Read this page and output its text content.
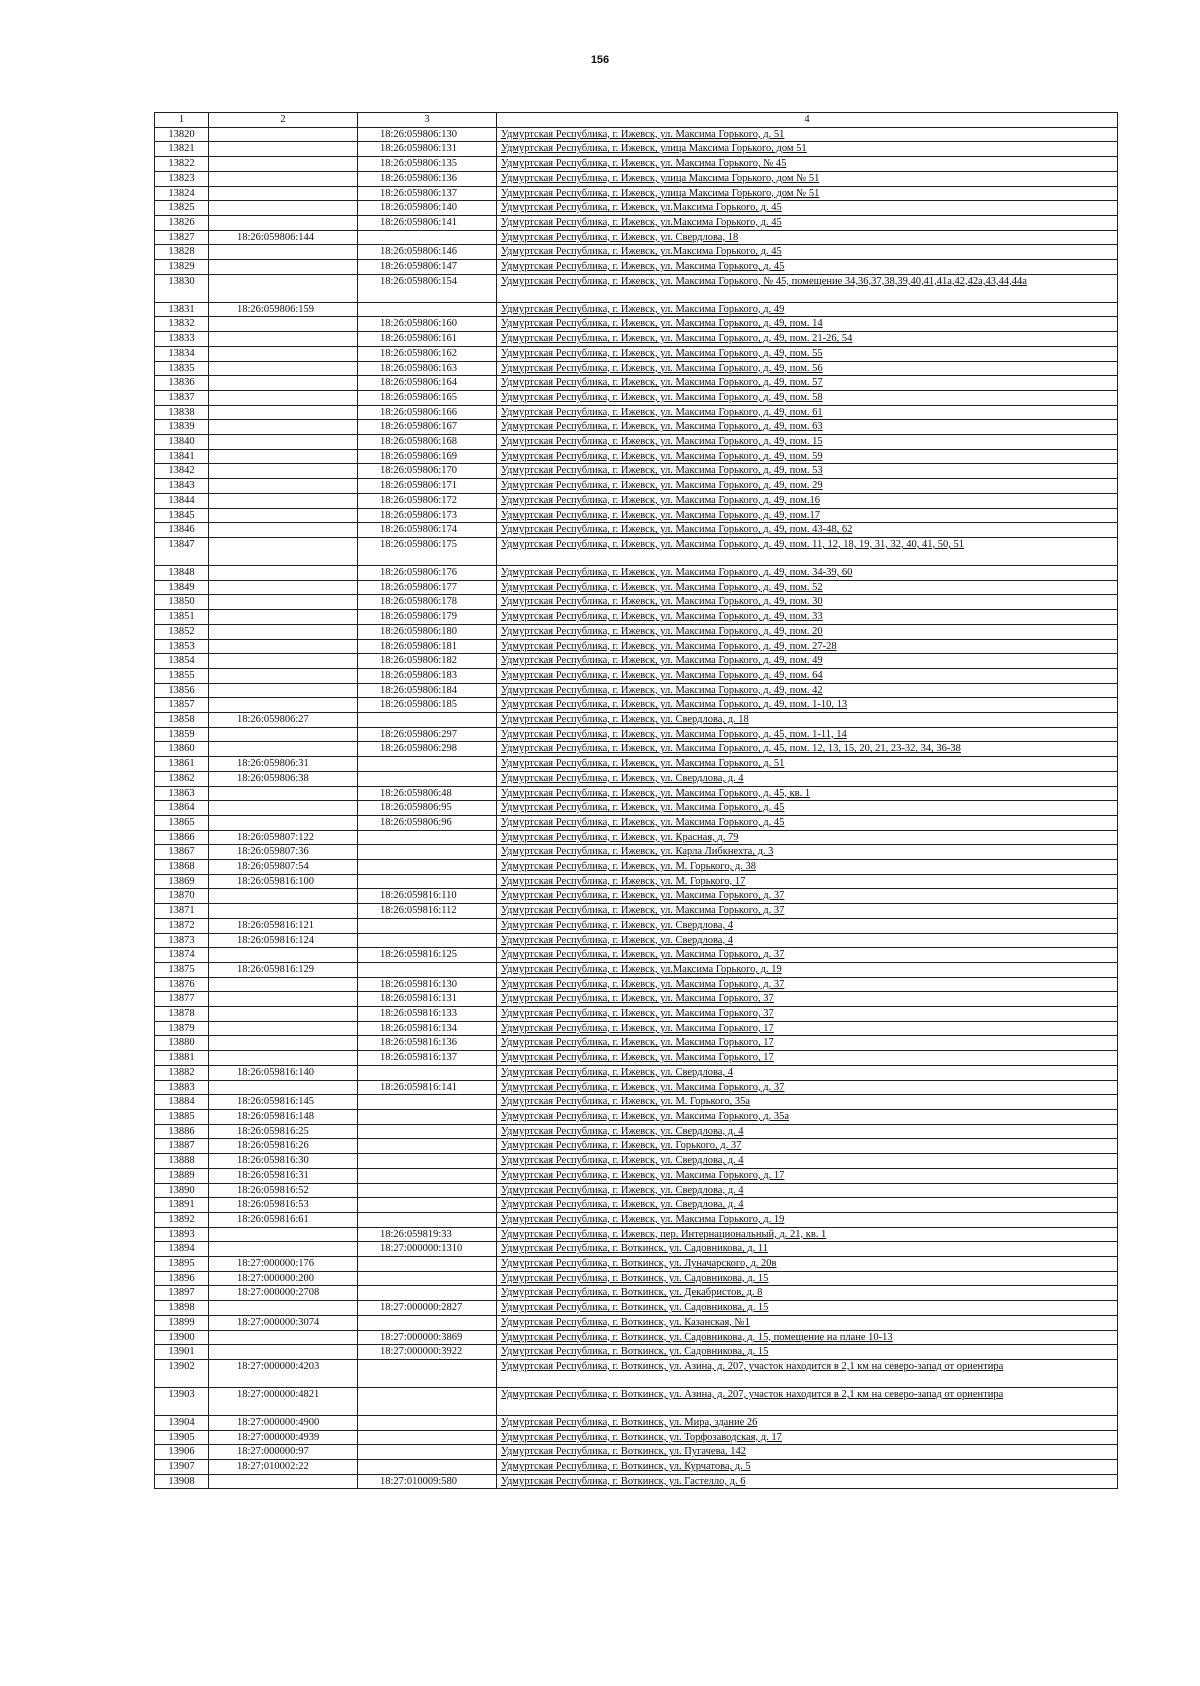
156
1	2	3	4
13820		18:26:059806:130	Удмуртская Республика, г. Ижевск, ул. Максима Горького, д. 51
13821		18:26:059806:131	Удмуртская Республика, г. Ижевск, улица Максима Горького, дом 51
13822		18:26:059806:135	Удмуртская Республика, г. Ижевск, ул. Максима Горького, № 45
13823		18:26:059806:136	Удмуртская Республика, г. Ижевск, улица Максима Горького, дом № 51
13824		18:26:059806:137	Удмуртская Республика, г. Ижевск, улица Максима Горького, дом № 51
13825		18:26:059806:140	Удмуртская Республика, г. Ижевск, ул.Максима Горького, д. 45
13826		18:26:059806:141	Удмуртская Республика, г. Ижевск, ул.Максима Горького, д. 45
13827	18:26:059806:144		Удмуртская Республика, г. Ижевск, ул. Свердлова, 18
13828		18:26:059806:146	Удмуртская Республика, г. Ижевск, ул.Максима Горького, д. 45
13829		18:26:059806:147	Удмуртская Республика, г. Ижевск, ул. Максима Горького, д. 45
13830		18:26:059806:154	Удмуртская Республика, г. Ижевск, ул. Максима Горького, № 45, помещение 34,36,37,38,39,40,41,41а,42,42а,43,44,44а
13831	18:26:059806:159		Удмуртская Республика, г. Ижевск, ул. Максима Горького, д. 49
13832		18:26:059806:160	Удмуртская Республика, г. Ижевск, ул. Максима Горького, д. 49, пом. 14
13833		18:26:059806:161	Удмуртская Республика, г. Ижевск, ул. Максима Горького, д. 49, пом. 21-26, 54
13834		18:26:059806:162	Удмуртская Республика, г. Ижевск, ул. Максима Горького, д. 49, пом. 55
13835		18:26:059806:163	Удмуртская Республика, г. Ижевск, ул. Максима Горького, д. 49, пом. 56
13836		18:26:059806:164	Удмуртская Республика, г. Ижевск, ул. Максима Горького, д. 49, пом. 57
13837		18:26:059806:165	Удмуртская Республика, г. Ижевск, ул. Максима Горького, д. 49, пом. 58
13838		18:26:059806:166	Удмуртская Республика, г. Ижевск, ул. Максима Горького, д. 49, пом. 61
13839		18:26:059806:167	Удмуртская Республика, г. Ижевск, ул. Максима Горького, д. 49, пом. 63
13840		18:26:059806:168	Удмуртская Республика, г. Ижевск, ул. Максима Горького, д. 49, пом. 15
13841		18:26:059806:169	Удмуртская Республика, г. Ижевск, ул. Максима Горького, д. 49, пом. 59
13842		18:26:059806:170	Удмуртская Республика, г. Ижевск, ул. Максима Горького, д. 49, пом. 53
13843		18:26:059806:171	Удмуртская Республика, г. Ижевск, ул. Максима Горького, д. 49, пом. 29
13844		18:26:059806:172	Удмуртская Республика, г. Ижевск, ул. Максима Горького, д. 49, пом.16
13845		18:26:059806:173	Удмуртская Республика, г. Ижевск, ул. Максима Горького, д. 49, пом.17
13846		18:26:059806:174	Удмуртская Республика, г. Ижевск, ул. Максима Горького, д. 49, пом. 43-48, 62
13847		18:26:059806:175	Удмуртская Республика, г. Ижевск, ул. Максима Горького, д. 49, пом. 11, 12, 18, 19, 31, 32, 40, 41, 50, 51
13848		18:26:059806:176	Удмуртская Республика, г. Ижевск, ул. Максима Горького, д. 49, пом. 34-39, 60
13849		18:26:059806:177	Удмуртская Республика, г. Ижевск, ул. Максима Горького, д. 49, пом. 52
13850		18:26:059806:178	Удмуртская Республика, г. Ижевск, ул. Максима Горького, д. 49, пом. 30
13851		18:26:059806:179	Удмуртская Республика, г. Ижевск, ул. Максима Горького, д. 49, пом. 33
13852		18:26:059806:180	Удмуртская Республика, г. Ижевск, ул. Максима Горького, д. 49, пом. 20
13853		18:26:059806:181	Удмуртская Республика, г. Ижевск, ул. Максима Горького, д. 49, пом. 27-28
13854		18:26:059806:182	Удмуртская Республика, г. Ижевск, ул. Максима Горького, д. 49, пом. 49
13855		18:26:059806:183	Удмуртская Республика, г. Ижевск, ул. Максима Горького, д. 49, пом. 64
13856		18:26:059806:184	Удмуртская Республика, г. Ижевск, ул. Максима Горького, д. 49, пом. 42
13857		18:26:059806:185	Удмуртская Республика, г. Ижевск, ул. Максима Горького, д. 49, пом. 1-10, 13
13858	18:26:059806:27		Удмуртская Республика, г. Ижевск, ул. Свердлова, д. 18
13859		18:26:059806:297	Удмуртская Республика, г. Ижевск, ул. Максима Горького, д. 45, пом. 1-11, 14
13860		18:26:059806:298	Удмуртская Республика, г. Ижевск, ул. Максима Горького, д. 45, пом. 12, 13, 15, 20, 21, 23-32, 34, 36-38
13861	18:26:059806:31		Удмуртская Республика, г. Ижевск, ул. Максима Горького, д. 51
13862	18:26:059806:38		Удмуртская Республика, г. Ижевск, ул. Свердлова, д. 4
13863		18:26:059806:48	Удмуртская Республика, г. Ижевск, ул. Максима Горького, д. 45, кв. 1
13864		18:26:059806:95	Удмуртская Республика, г. Ижевск, ул. Максима Горького, д. 45
13865		18:26:059806:96	Удмуртская Республика, г. Ижевск, ул. Максима Горького, д. 45
13866	18:26:059807:122		Удмуртская Республика, г. Ижевск, ул. Красная, д. 79
13867	18:26:059807:36		Удмуртская Республика, г. Ижевск, ул. Карла Либкнехта, д. 3
13868	18:26:059807:54		Удмуртская Республика, г. Ижевск, ул. М. Горького, д. 38
13869	18:26:059816:100		Удмуртская Республика, г. Ижевск, ул. М. Горького, 17
13870		18:26:059816:110	Удмуртская Республика, г. Ижевск, ул. Максима Горького, д. 37
13871		18:26:059816:112	Удмуртская Республика, г. Ижевск, ул. Максима Горького, д. 37
13872	18:26:059816:121		Удмуртская Республика, г. Ижевск, ул. Свердлова, 4
13873	18:26:059816:124		Удмуртская Республика, г. Ижевск, ул. Свердлова, 4
13874		18:26:059816:125	Удмуртская Республика, г. Ижевск, ул. Максима Горького, д. 37
13875	18:26:059816:129		Удмуртская Республика, г. Ижевск, ул.Максима Горького, д. 19
13876		18:26:059816:130	Удмуртская Республика, г. Ижевск, ул. Максима Горького, д. 37
13877		18:26:059816:131	Удмуртская Республика, г. Ижевск, ул. Максима Горького, 37
13878		18:26:059816:133	Удмуртская Республика, г. Ижевск, ул. Максима Горького, 37
13879		18:26:059816:134	Удмуртская Республика, г. Ижевск, ул. Максима Горького, 17
13880		18:26:059816:136	Удмуртская Республика, г. Ижевск, ул. Максима Горького, 17
13881		18:26:059816:137	Удмуртская Республика, г. Ижевск, ул. Максима Горького, 17
13882	18:26:059816:140		Удмуртская Республика, г. Ижевск, ул. Свердлова, 4
13883		18:26:059816:141	Удмуртская Республика, г. Ижевск, ул. Максима Горького, д. 37
13884	18:26:059816:145		Удмуртская Республика, г. Ижевск, ул. М. Горького, 35а
13885	18:26:059816:148		Удмуртская Республика, г. Ижевск, ул. Максима Горького, д. 35а
13886	18:26:059816:25		Удмуртская Республика, г. Ижевск, ул. Свердлова, д. 4
13887	18:26:059816:26		Удмуртская Республика, г. Ижевск, ул. Горького, д. 37
13888	18:26:059816:30		Удмуртская Республика, г. Ижевск, ул. Свердлова, д. 4
13889	18:26:059816:31		Удмуртская Республика, г. Ижевск, ул. Максима Горького, д. 17
13890	18:26:059816:52		Удмуртская Республика, г. Ижевск, ул. Свердлова, д. 4
13891	18:26:059816:53		Удмуртская Республика, г. Ижевск, ул. Свердлова, д. 4
13892	18:26:059816:61		Удмуртская Республика, г. Ижевск, ул. Максима Горького, д. 19
13893		18:26:059819:33	Удмуртская Республика, г. Ижевск, пер. Интернациональный, д. 21, кв. 1
13894		18:27:000000:1310	Удмуртская Республика, г. Воткинск, ул. Садовникова, д. 11
13895	18:27:000000:176		Удмуртская Республика, г. Воткинск, ул. Луначарского, д. 20в
13896	18:27:000000:200		Удмуртская Республика, г. Воткинск, ул. Садовникова, д. 15
13897	18:27:000000:2708		Удмуртская Республика, г. Воткинск, ул. Декабристов, д. 8
13898		18:27:000000:2827	Удмуртская Республика, г. Воткинск, ул. Садовникова, д. 15
13899	18:27:000000:3074		Удмуртская Республика, г. Воткинск, ул. Казанская, №1
13900		18:27:000000:3869	Удмуртская Республика, г. Воткинск, ул. Садовникова, д. 15, помещение на плане 10-13
13901		18:27:000000:3922	Удмуртская Республика, г. Воткинск, ул. Садовникова, д. 15
13902	18:27:000000:4203		Удмуртская Республика, г. Воткинск, ул. Азина, д. 207, участок находится в 2,1 км на северо-запад от ориентира
13903	18:27:000000:4821		Удмуртская Республика, г. Воткинск, ул. Азина, д. 207, участок находится в 2,1 км на северо-запад от ориентира
13904	18:27:000000:4900		Удмуртская Республика, г. Воткинск, ул. Мира, здание 26
13905	18:27:000000:4939		Удмуртская Республика, г. Воткинск, ул. Торфозаводская, д. 17
13906	18:27:000000:97		Удмуртская Республика, г. Воткинск, ул. Пугачева, 142
13907	18:27:010002:22		Удмуртская Республика, г. Воткинск, ул. Курчатова, д. 5
13908		18:27:010009:580	Удмуртская Республика, г. Воткинск, ул. Гастелло, д. 6
